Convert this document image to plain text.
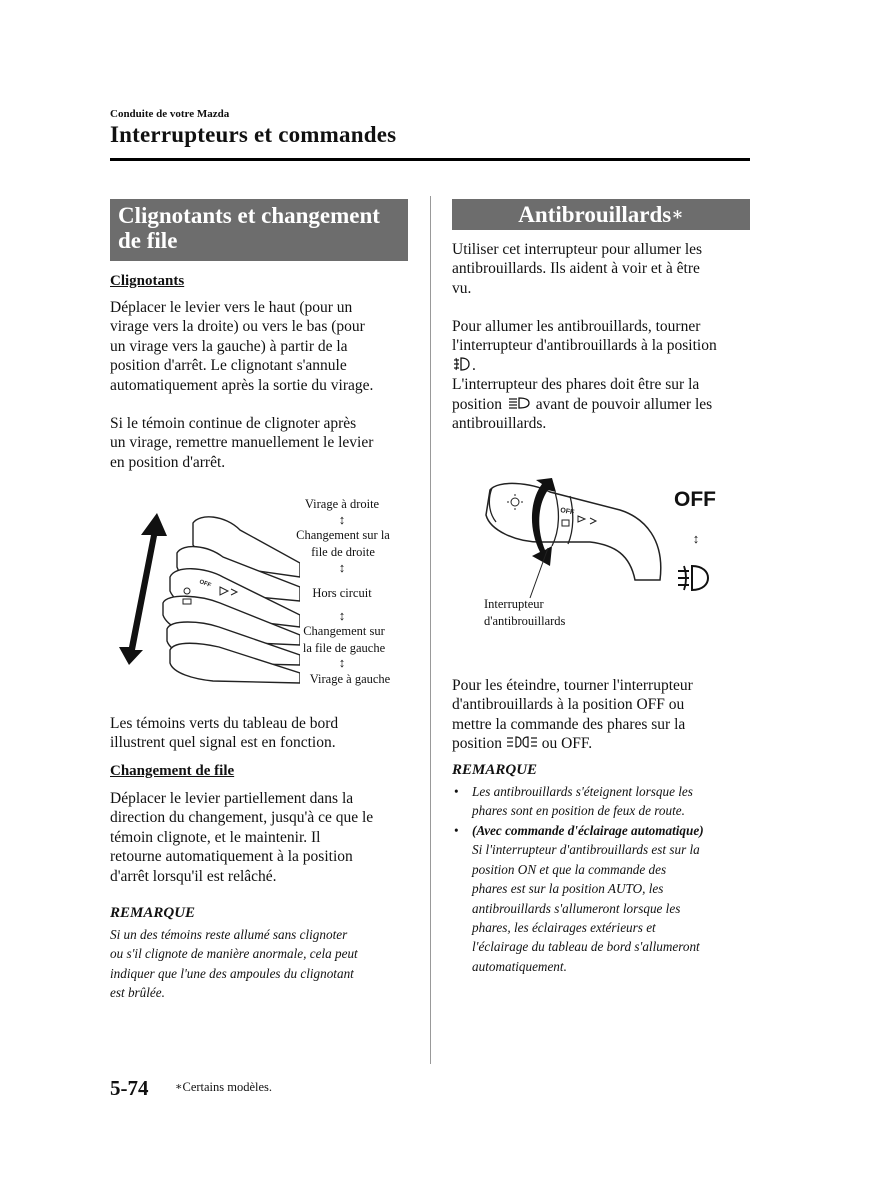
Conduite de votre Mazda
Interrupteurs et commandes
Clignotants et changement
de file
Clignotants
Déplacer le levier vers le haut (pour un
virage vers la droite) ou vers le bas (pour
un virage vers la gauche) à partir de la
position d'arrêt. Le clignotant s'annule
automatiquement après la sortie du virage.
Si le témoin continue de clignoter après
un virage, remettre manuellement le levier
en position d'arrêt.
OFF
Virage à droite
↕
Changement sur la
file de droite
↕
Hors circuit
↕
Changement sur
la file de gauche
↕
Virage à gauche
Les témoins verts du tableau de bord
illustrent quel signal est en fonction.
Changement de file
Déplacer le levier partiellement dans la
direction du changement, jusqu'à ce que le
témoin clignote, et le maintenir. Il
retourne automatiquement à la position
d'arrêt lorsqu'il est relâché.
REMARQUE
Si un des témoins reste allumé sans clignoter
ou s'il clignote de manière anormale, cela peut
indiquer que l'une des ampoules du clignotant
est brûlée.
Antibrouillards∗
Utiliser cet interrupteur pour allumer les
antibrouillards. Ils aident à voir et à être
vu.
Pour allumer les antibrouillards, tourner
l'interrupteur d'antibrouillards à la position
.
L'interrupteur des phares doit être sur la
position avant de pouvoir allumer les
antibrouillards.
OFF
OFF
↕
Interrupteur
d'antibrouillards
Pour les éteindre, tourner l'interrupteur
d'antibrouillards à la position OFF ou
mettre la commande des phares sur la
position	ou OFF.
REMARQUE
• Les antibrouillards s'éteignent lorsque les
phares sont en position de feux de route.
• (Avec commande d'éclairage automatique)
Si l'interrupteur d'antibrouillards est sur la
position ON et que la commande des
phares est sur la position AUTO, les
antibrouillards s'allumeront lorsque les
phares, les éclairages extérieurs et
l'éclairage du tableau de bord s'allumeront
automatiquement.
5-74 ∗Certains modèles.
